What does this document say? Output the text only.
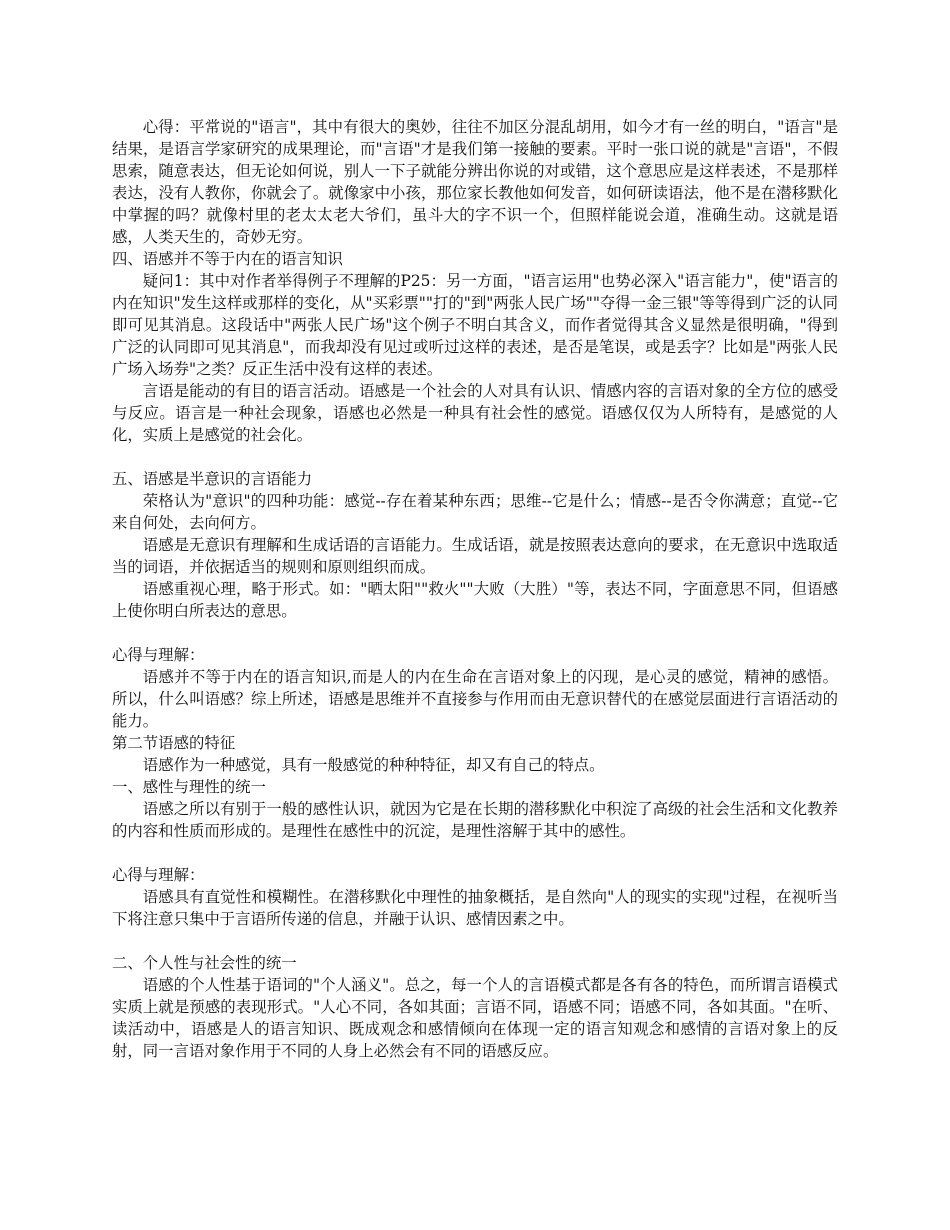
心得：平常说的"语言"，其中有很大的奥妙，往往不加区分混乱胡用，如今才有一丝的明白，"语言"是结果，是语言学家研究的成果理论，而"言语"才是我们第一接触的要素。平时一张口说的就是"言语"，不假思索，随意表达，但无论如何说，别人一下子就能分辨出你说的对或错，这个意思应是这样表述，不是那样表达，没有人教你，你就会了。就像家中小孩，那位家长教他如何发音，如何研读语法，他不是在潜移默化中掌握的吗？就像村里的老太太老大爷们，虽斗大的字不识一个，但照样能说会道，准确生动。这就是语感，人类天生的，奇妙无穷。

四、语感并不等于内在的语言知识

疑问1：其中对作者举得例子不理解的P25：另一方面，"语言运用"也势必深入"语言能力"，使"语言的内在知识"发生这样或那样的变化，从"买彩票""打的"到"两张人民广场""夺得一金三银"等等得到广泛的认同即可见其消息。这段话中"两张人民广场"这个例子不明白其含义，而作者觉得其含义显然是很明确，"得到广泛的认同即可见其消息"，而我却没有见过或听过这样的表述，是否是笔误，或是丢字？比如是"两张人民广场入场券"之类？反正生活中没有这样的表述。

言语是能动的有目的语言活动。语感是一个社会的人对具有认识、情感内容的言语对象的全方位的感受与反应。语言是一种社会现象，语感也必然是一种具有社会性的感觉。语感仅仅为人所特有，是感觉的人化，实质上是感觉的社会化。

五、语感是半意识的言语能力

荣格认为"意识"的四种功能：感觉--存在着某种东西；思维--它是什么；情感--是否令你满意；直觉--它来自何处，去向何方。

语感是无意识有理解和生成话语的言语能力。生成话语，就是按照表达意向的要求，在无意识中选取适当的词语，并依据适当的规则和原则组织而成。

语感重视心理，略于形式。如："晒太阳""救火""大败（大胜）"等，表达不同，字面意思不同，但语感上使你明白所表达的意思。

心得与理解：

语感并不等于内在的语言知识,而是人的内在生命在言语对象上的闪现，是心灵的感觉，精神的感悟。所以，什么叫语感？综上所述，语感是思维并不直接参与作用而由无意识替代的在感觉层面进行言语活动的能力。

第二节语感的特征

语感作为一种感觉，具有一般感觉的种种特征，却又有自己的特点。

一、感性与理性的统一

语感之所以有别于一般的感性认识，就因为它是在长期的潜移默化中积淀了高级的社会生活和文化教养的内容和性质而形成的。是理性在感性中的沉淀，是理性溶解于其中的感性。

心得与理解：

语感具有直觉性和模糊性。在潜移默化中理性的抽象概括，是自然向"人的现实的实现"过程，在视听当下将注意只集中于言语所传递的信息，并融于认识、感情因素之中。

二、个人性与社会性的统一

语感的个人性基于语词的"个人涵义"。总之，每一个人的言语模式都是各有各的特色，而所谓言语模式实质上就是预感的表现形式。"人心不同，各如其面；言语不同，语感不同；语感不同，各如其面。"在听、读活动中，语感是人的语言知识、既成观念和感情倾向在体现一定的语言知观念和感情的言语对象上的反射，同一言语对象作用于不同的人身上必然会有不同的语感反应。
